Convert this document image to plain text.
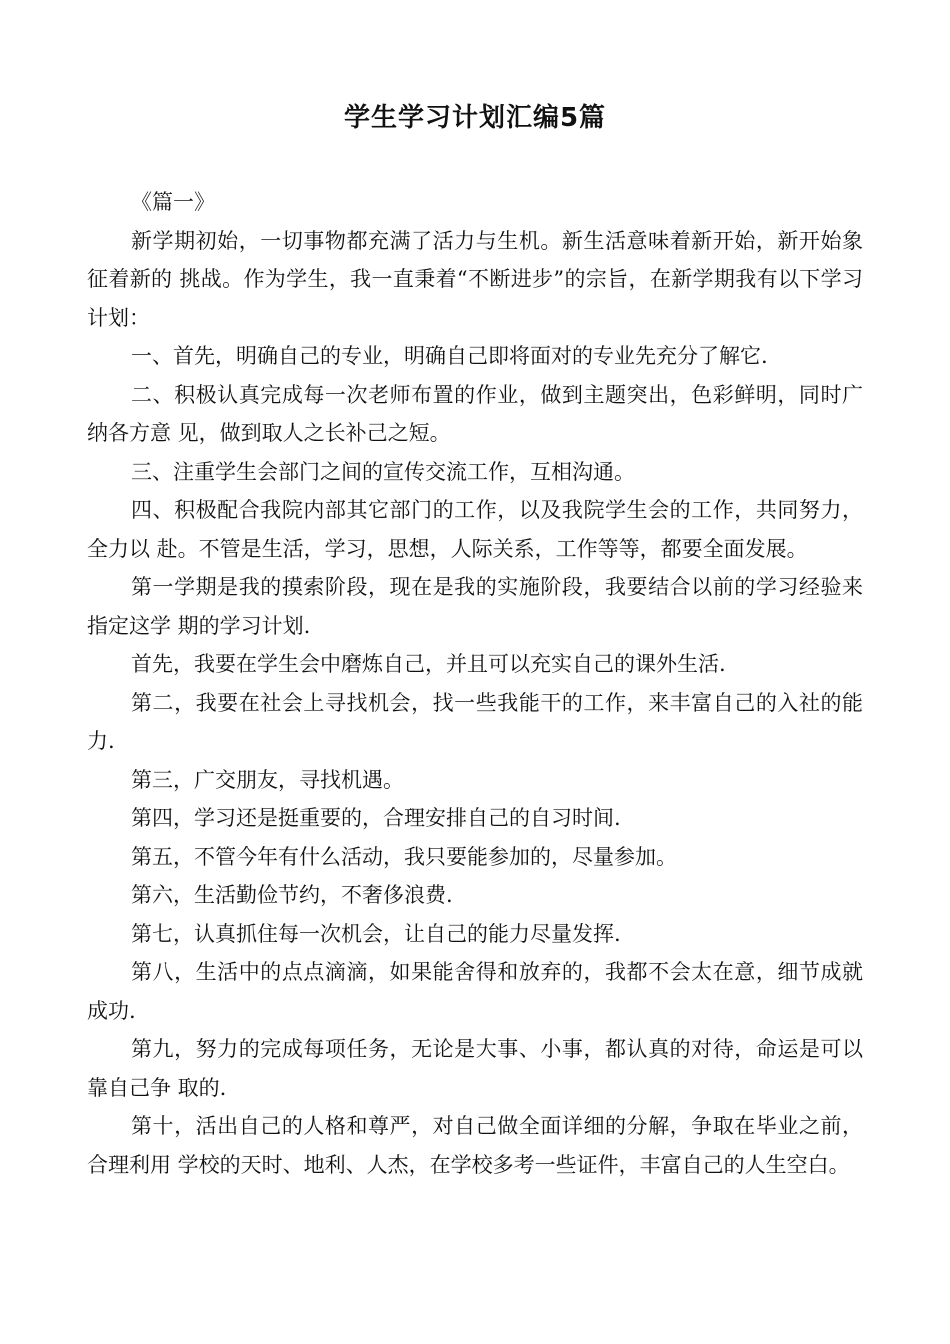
学生学习计划汇编5篇

《篇一》

新学期初始，一切事物都充满了活力与生机。新生活意味着新开始，新开始象征着新的 挑战。作为学生，我一直秉着“不断进步”的宗旨，在新学期我有以下学习计划：

一、首先，明确自己的专业，明确自己即将面对的专业先充分了解它.

二、积极认真完成每一次老师布置的作业，做到主题突出，色彩鲜明，同时广纳各方意 见，做到取人之长补己之短。

三、注重学生会部门之间的宣传交流工作，互相沟通。

四、积极配合我院内部其它部门的工作，以及我院学生会的工作，共同努力，全力以 赴。不管是生活，学习，思想，人际关系，工作等等，都要全面发展。

第一学期是我的摸索阶段，现在是我的实施阶段，我要结合以前的学习经验来指定这学 期的学习计划.

首先，我要在学生会中磨炼自己，并且可以充实自己的课外生活.

第二，我要在社会上寻找机会，找一些我能干的工作，来丰富自己的入社的能力.

第三，广交朋友，寻找机遇。

第四，学习还是挺重要的，合理安排自己的自习时间.

第五，不管今年有什么活动，我只要能参加的，尽量参加。

第六，生活勤俭节约，不奢侈浪费.

第七，认真抓住每一次机会，让自己的能力尽量发挥.

第八，生活中的点点滴滴，如果能舍得和放弃的，我都不会太在意，细节成就成功.

第九，努力的完成每项任务，无论是大事、小事，都认真的对待，命运是可以靠自己争 取的.

第十，活出自己的人格和尊严，对自己做全面详细的分解，争取在毕业之前，合理利用 学校的天时、地利、人杰，在学校多考一些证件，丰富自己的人生空白。
